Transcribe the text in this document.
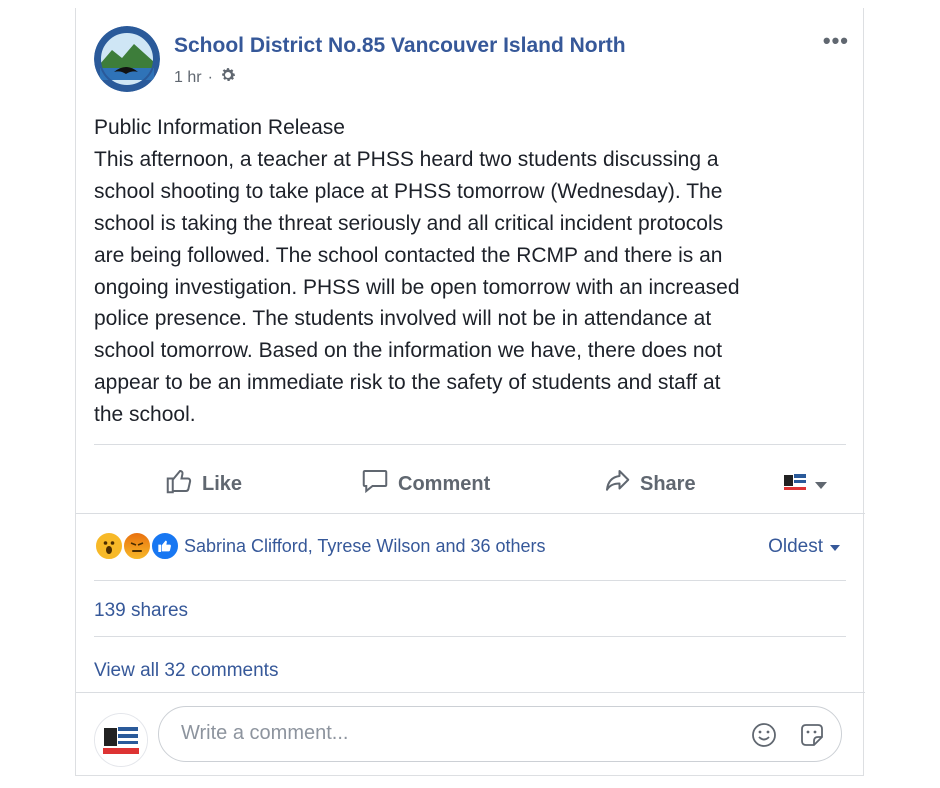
School District No.85 Vancouver Island North
1 hr ·
•••
Public Information Release
This afternoon, a teacher at PHSS heard two students discussing a
school shooting to take place at PHSS tomorrow (Wednesday). The
school is taking the threat seriously and all critical incident protocols
are being followed. The school contacted the RCMP and there is an
ongoing investigation. PHSS will be open tomorrow with an increased
police presence. The students involved will not be in attendance at
school tomorrow. Based on the information we have, there does not
appear to be an immediate risk to the safety of students and staff at
the school.
Like	Comment	Share
Sabrina Clifford, Tyrese Wilson and 36 others	Oldest
139 shares
View all 32 comments
Write a comment...
